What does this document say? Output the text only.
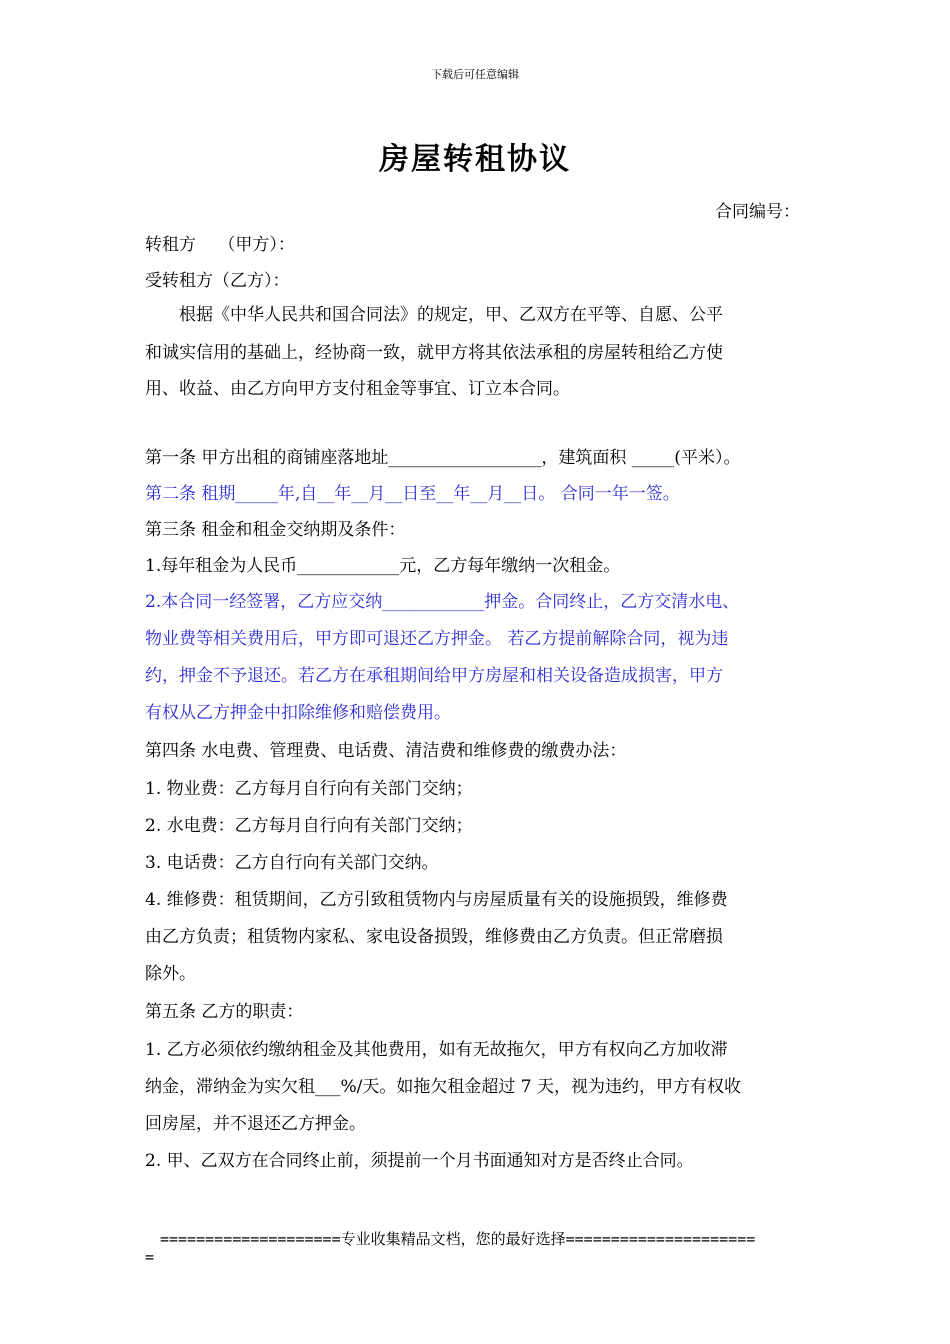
下载后可任意编辑
房屋转租协议
合同编号：
转租方　 （甲方）：
受转租方（乙方）：
　　根据《中华人民共和国合同法》的规定，甲、乙双方在平等、自愿、公平
和诚实信用的基础上，经协商一致，就甲方将其依法承租的房屋转租给乙方使
用、收益、由乙方向甲方支付租金等事宜、订立本合同。
第一条 甲方出租的商铺座落地址__________________，建筑面积 _____(平米）。
第二条 租期_____年,自__年__月__日至__年__月__日。 合同一年一签。
第三条 租金和租金交纳期及条件：
1.每年租金为人民币____________元，乙方每年缴纳一次租金。
2.本合同一经签署，乙方应交纳____________押金。合同终止，乙方交清水电、
物业费等相关费用后，甲方即可退还乙方押金。 若乙方提前解除合同，视为违
约，押金不予退还。若乙方在承租期间给甲方房屋和相关设备造成损害，甲方
有权从乙方押金中扣除维修和赔偿费用。
第四条 水电费、管理费、电话费、清洁费和维修费的缴费办法：
1. 物业费：乙方每月自行向有关部门交纳；
2. 水电费：乙方每月自行向有关部门交纳；
3. 电话费：乙方自行向有关部门交纳。
4. 维修费：租赁期间，乙方引致租赁物内与房屋质量有关的设施损毁，维修费
由乙方负责；租赁物内家私、家电设备损毁，维修费由乙方负责。但正常磨损
除外。
第五条 乙方的职责：
1. 乙方必须依约缴纳租金及其他费用，如有无故拖欠，甲方有权向乙方加收滞
纳金，滞纳金为实欠租___%/天。如拖欠租金超过 7 天，视为违约，甲方有权收
回房屋，并不退还乙方押金。
2. 甲、乙双方在合同终止前，须提前一个月书面通知对方是否终止合同。
====================专业收集精品文档，您的最好选择=====================
=
